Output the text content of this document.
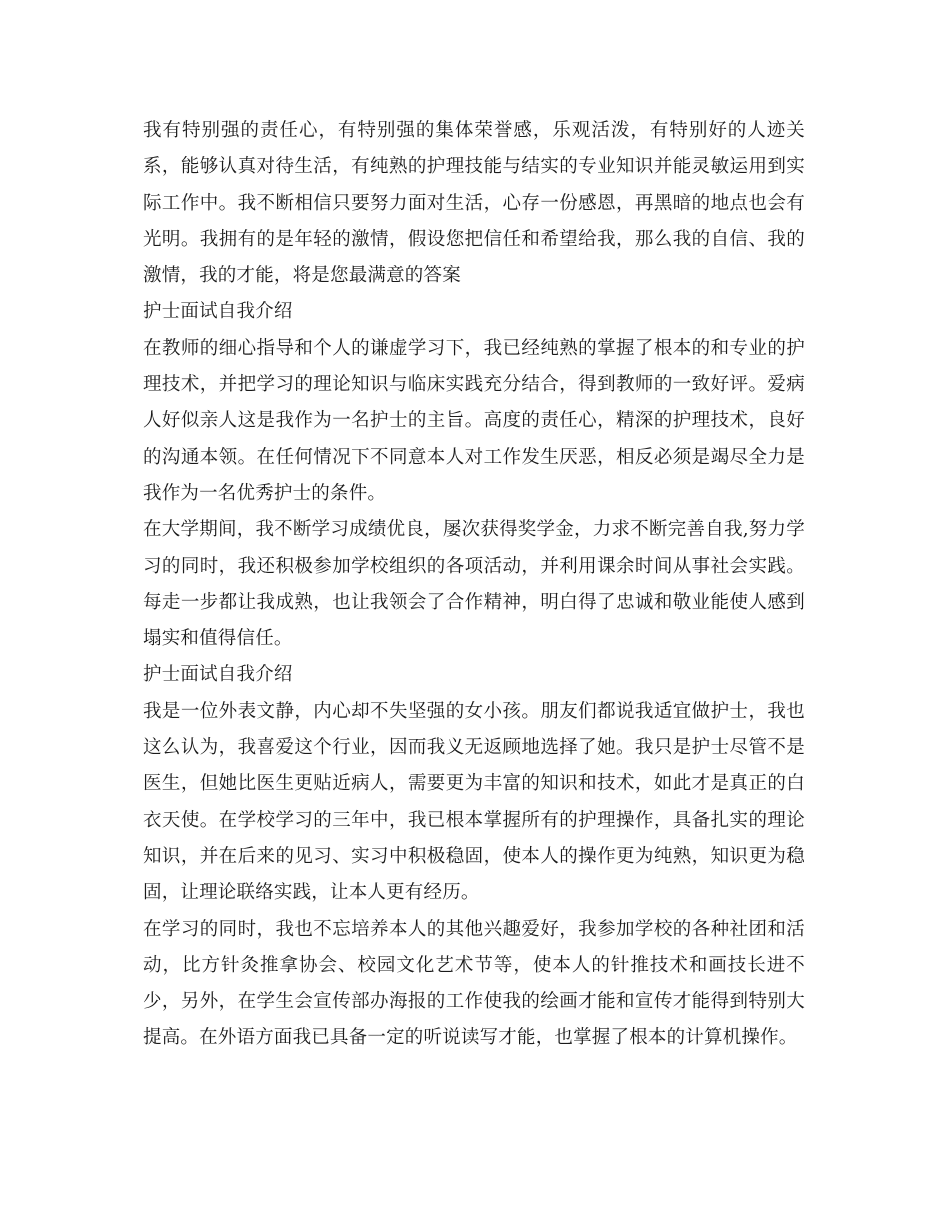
我有特别强的责任心，有特别强的集体荣誉感，乐观活泼，有特别好的人迹关系，能够认真对待生活，有纯熟的护理技能与结实的专业知识并能灵敏运用到实际工作中。我不断相信只要努力面对生活，心存一份感恩，再黑暗的地点也会有光明。我拥有的是年轻的激情，假设您把信任和希望给我，那么我的自信、我的激情，我的才能，将是您最满意的答案

护士面试自我介绍

在教师的细心指导和个人的谦虚学习下，我已经纯熟的掌握了根本的和专业的护理技术，并把学习的理论知识与临床实践充分结合，得到教师的一致好评。爱病人好似亲人这是我作为一名护士的主旨。高度的责任心，精深的护理技术，良好的沟通本领。在任何情况下不同意本人对工作发生厌恶，相反必须是竭尽全力是我作为一名优秀护士的条件。

在大学期间，我不断学习成绩优良，屡次获得奖学金，力求不断完善自我,努力学习的同时，我还积极参加学校组织的各项活动，并利用课余时间从事社会实践。每走一步都让我成熟，也让我领会了合作精神，明白得了忠诚和敬业能使人感到塌实和值得信任。

护士面试自我介绍

我是一位外表文静，内心却不失坚强的女小孩。朋友们都说我适宜做护士，我也这么认为，我喜爱这个行业，因而我义无返顾地选择了她。我只是护士尽管不是医生，但她比医生更贴近病人，需要更为丰富的知识和技术，如此才是真正的白衣天使。在学校学习的三年中，我已根本掌握所有的护理操作，具备扎实的理论知识，并在后来的见习、实习中积极稳固，使本人的操作更为纯熟，知识更为稳固，让理论联络实践，让本人更有经历。

在学习的同时，我也不忘培养本人的其他兴趣爱好，我参加学校的各种社团和活动，比方针灸推拿协会、校园文化艺术节等，使本人的针推技术和画技长进不少，另外，在学生会宣传部办海报的工作使我的绘画才能和宣传才能得到特别大提高。在外语方面我已具备一定的听说读写才能，也掌握了根本的计算机操作。
